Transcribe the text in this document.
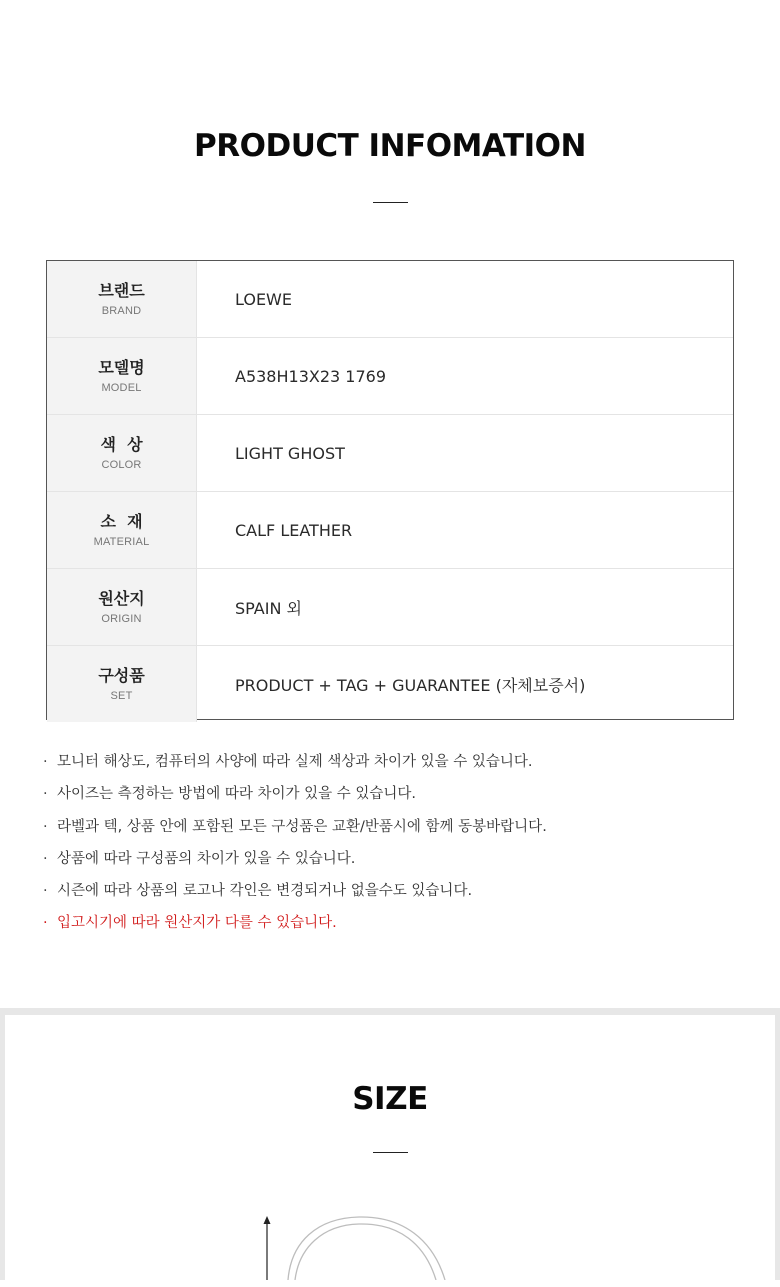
PRODUCT INFOMATION
브랜드
BRAND
LOEWE
모델명
MODEL
A538H13X23 1769
색  상
COLOR
LIGHT GHOST
소  재
MATERIAL
CALF LEATHER
원산지
ORIGIN
SPAIN 외
구성품
SET
PRODUCT + TAG + GUARANTEE (자체보증서)
· 모니터 해상도, 컴퓨터의 사양에 따라 실제 색상과 차이가 있을 수 있습니다.
· 사이즈는 측정하는 방법에 따라 차이가 있을 수 있습니다.
· 라벨과 텍, 상품 안에 포함된 모든 구성품은 교환/반품시에 함께 동봉바랍니다.
· 상품에 따라 구성품의 차이가 있을 수 있습니다.
· 시즌에 따라 상품의 로고나 각인은 변경되거나 없을수도 있습니다.
· 입고시기에 따라 원산지가 다를 수 있습니다.
SIZE
